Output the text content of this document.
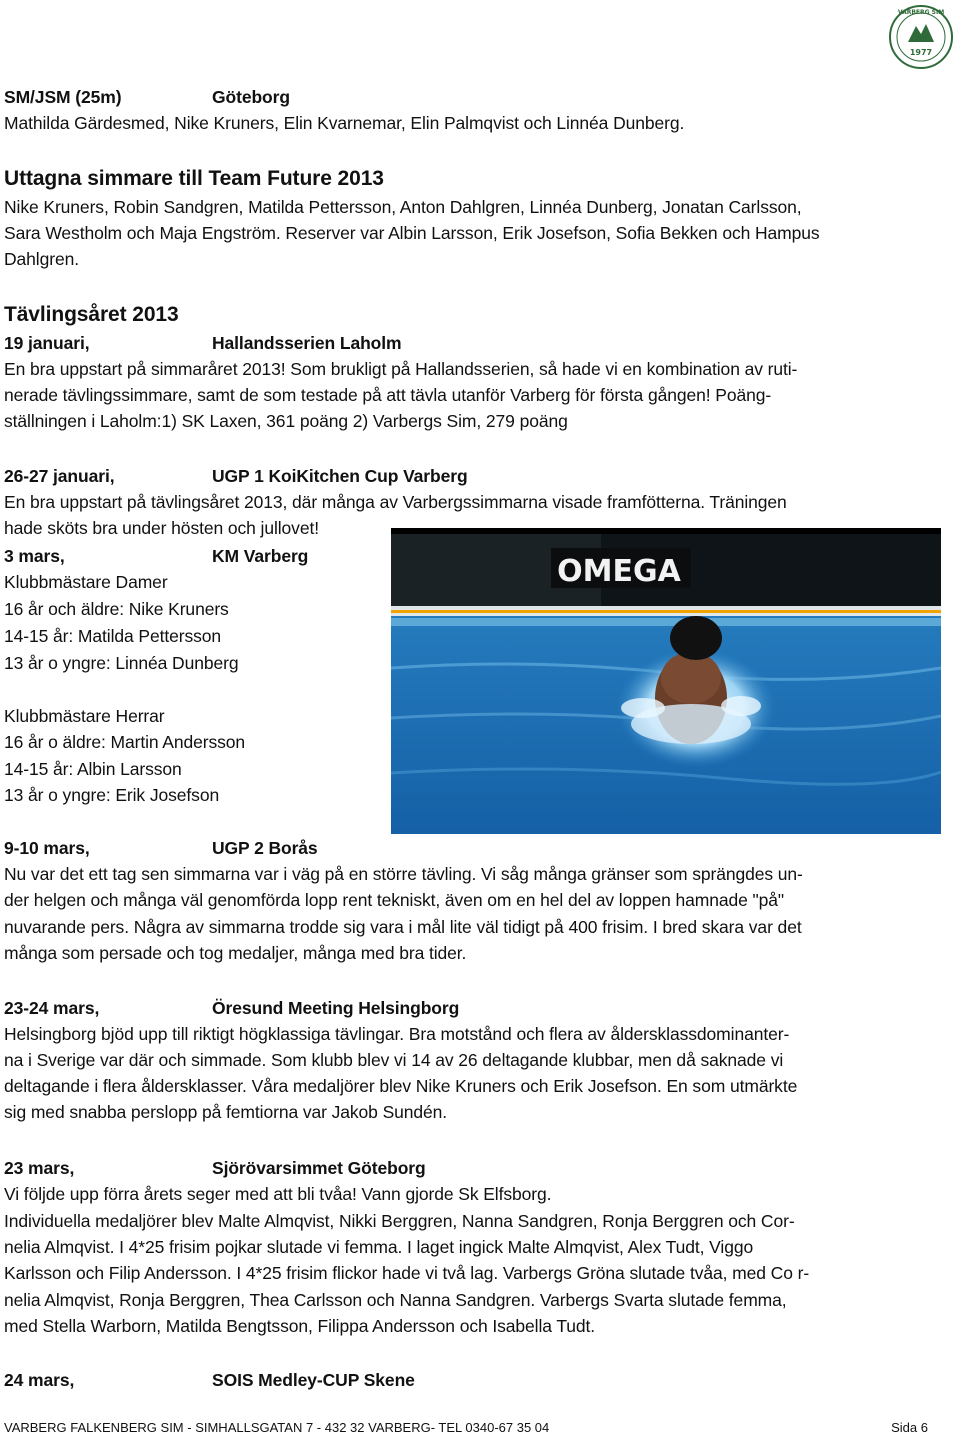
VARBERG SIM
1977
SM/JSM (25m)	Göteborg
Mathilda Gärdesmed, Nike Kruners, Elin Kvarnemar, Elin Palmqvist och Linnéa Dunberg.
Uttagna simmare till Team Future 2013
Nike Kruners, Robin Sandgren, Matilda Pettersson, Anton Dahlgren, Linnéa Dunberg, Jonatan Carlsson,
Sara Westholm och Maja Engström. Reserver var Albin Larsson, Erik Josefson, Sofia Bekken och Hampus
Dahlgren.
Tävlingsåret 2013
19 januari,	Hallandsserien Laholm
En bra uppstart på simmaråret 2013! Som brukligt på Hallandsserien, så hade vi en kombination av ruti-
nerade tävlingssimmare, samt de som testade på att tävla utanför Varberg för första gången! Poäng-
ställningen i Laholm:1) SK Laxen, 361 poäng 2) Varbergs Sim, 279 poäng
26-27 januari,	UGP 1 KoiKitchen Cup Varberg
En bra uppstart på tävlingsåret 2013, där många av Varbergssimmarna visade framfötterna. Träningen
hade sköts bra under hösten och jullovet!
3 mars,	KM Varberg
Klubbmästare Damer
16 år och äldre: Nike Kruners
14-15 år: Matilda Pettersson
13 år o yngre: Linnéa Dunberg
Klubbmästare Herrar
16 år o äldre: Martin Andersson
14-15 år: Albin Larsson
13 år o yngre: Erik Josefson
OMEGA
9-10 mars,	UGP 2 Borås
Nu var det ett tag sen simmarna var i väg på en större tävling. Vi såg många gränser som sprängdes un-
der helgen och många väl genomförda lopp rent tekniskt, även om en hel del av loppen hamnade "på"
nuvarande pers. Några av simmarna trodde sig vara i mål lite väl tidigt på 400 frisim. I bred skara var det
många som persade och tog medaljer, många med bra tider.
23-24 mars,	Öresund Meeting Helsingborg
Helsingborg bjöd upp till riktigt högklassiga tävlingar. Bra motstånd och flera av åldersklassdominanter-
na i Sverige var där och simmade. Som klubb blev vi 14 av 26 deltagande klubbar, men då saknade vi
deltagande i flera åldersklasser. Våra medaljörer blev Nike Kruners och Erik Josefson. En som utmärkte
sig med snabba perslopp på femtiorna var Jakob Sundén.
23 mars,	Sjörövarsimmet Göteborg
Vi följde upp förra årets seger med att bli tvåa! Vann gjorde Sk Elfsborg.
Individuella medaljörer blev Malte Almqvist, Nikki Berggren, Nanna Sandgren, Ronja Berggren och Cor-
nelia Almqvist. I 4*25 frisim pojkar slutade vi femma. I laget ingick Malte Almqvist, Alex Tudt, Viggo
Karlsson och Filip Andersson. I 4*25 frisim flickor hade vi två lag. Varbergs Gröna slutade tvåa, med Co r-
nelia Almqvist, Ronja Berggren, Thea Carlsson och Nanna Sandgren. Varbergs Svarta slutade femma,
med Stella Warborn, Matilda Bengtsson, Filippa Andersson och Isabella Tudt.
24 mars,	SOIS Medley-CUP Skene
VARBERG FALKENBERG SIM - SIMHALLSGATAN 7 - 432 32 VARBERG- TEL 0340-67 35 04	Sida 6
